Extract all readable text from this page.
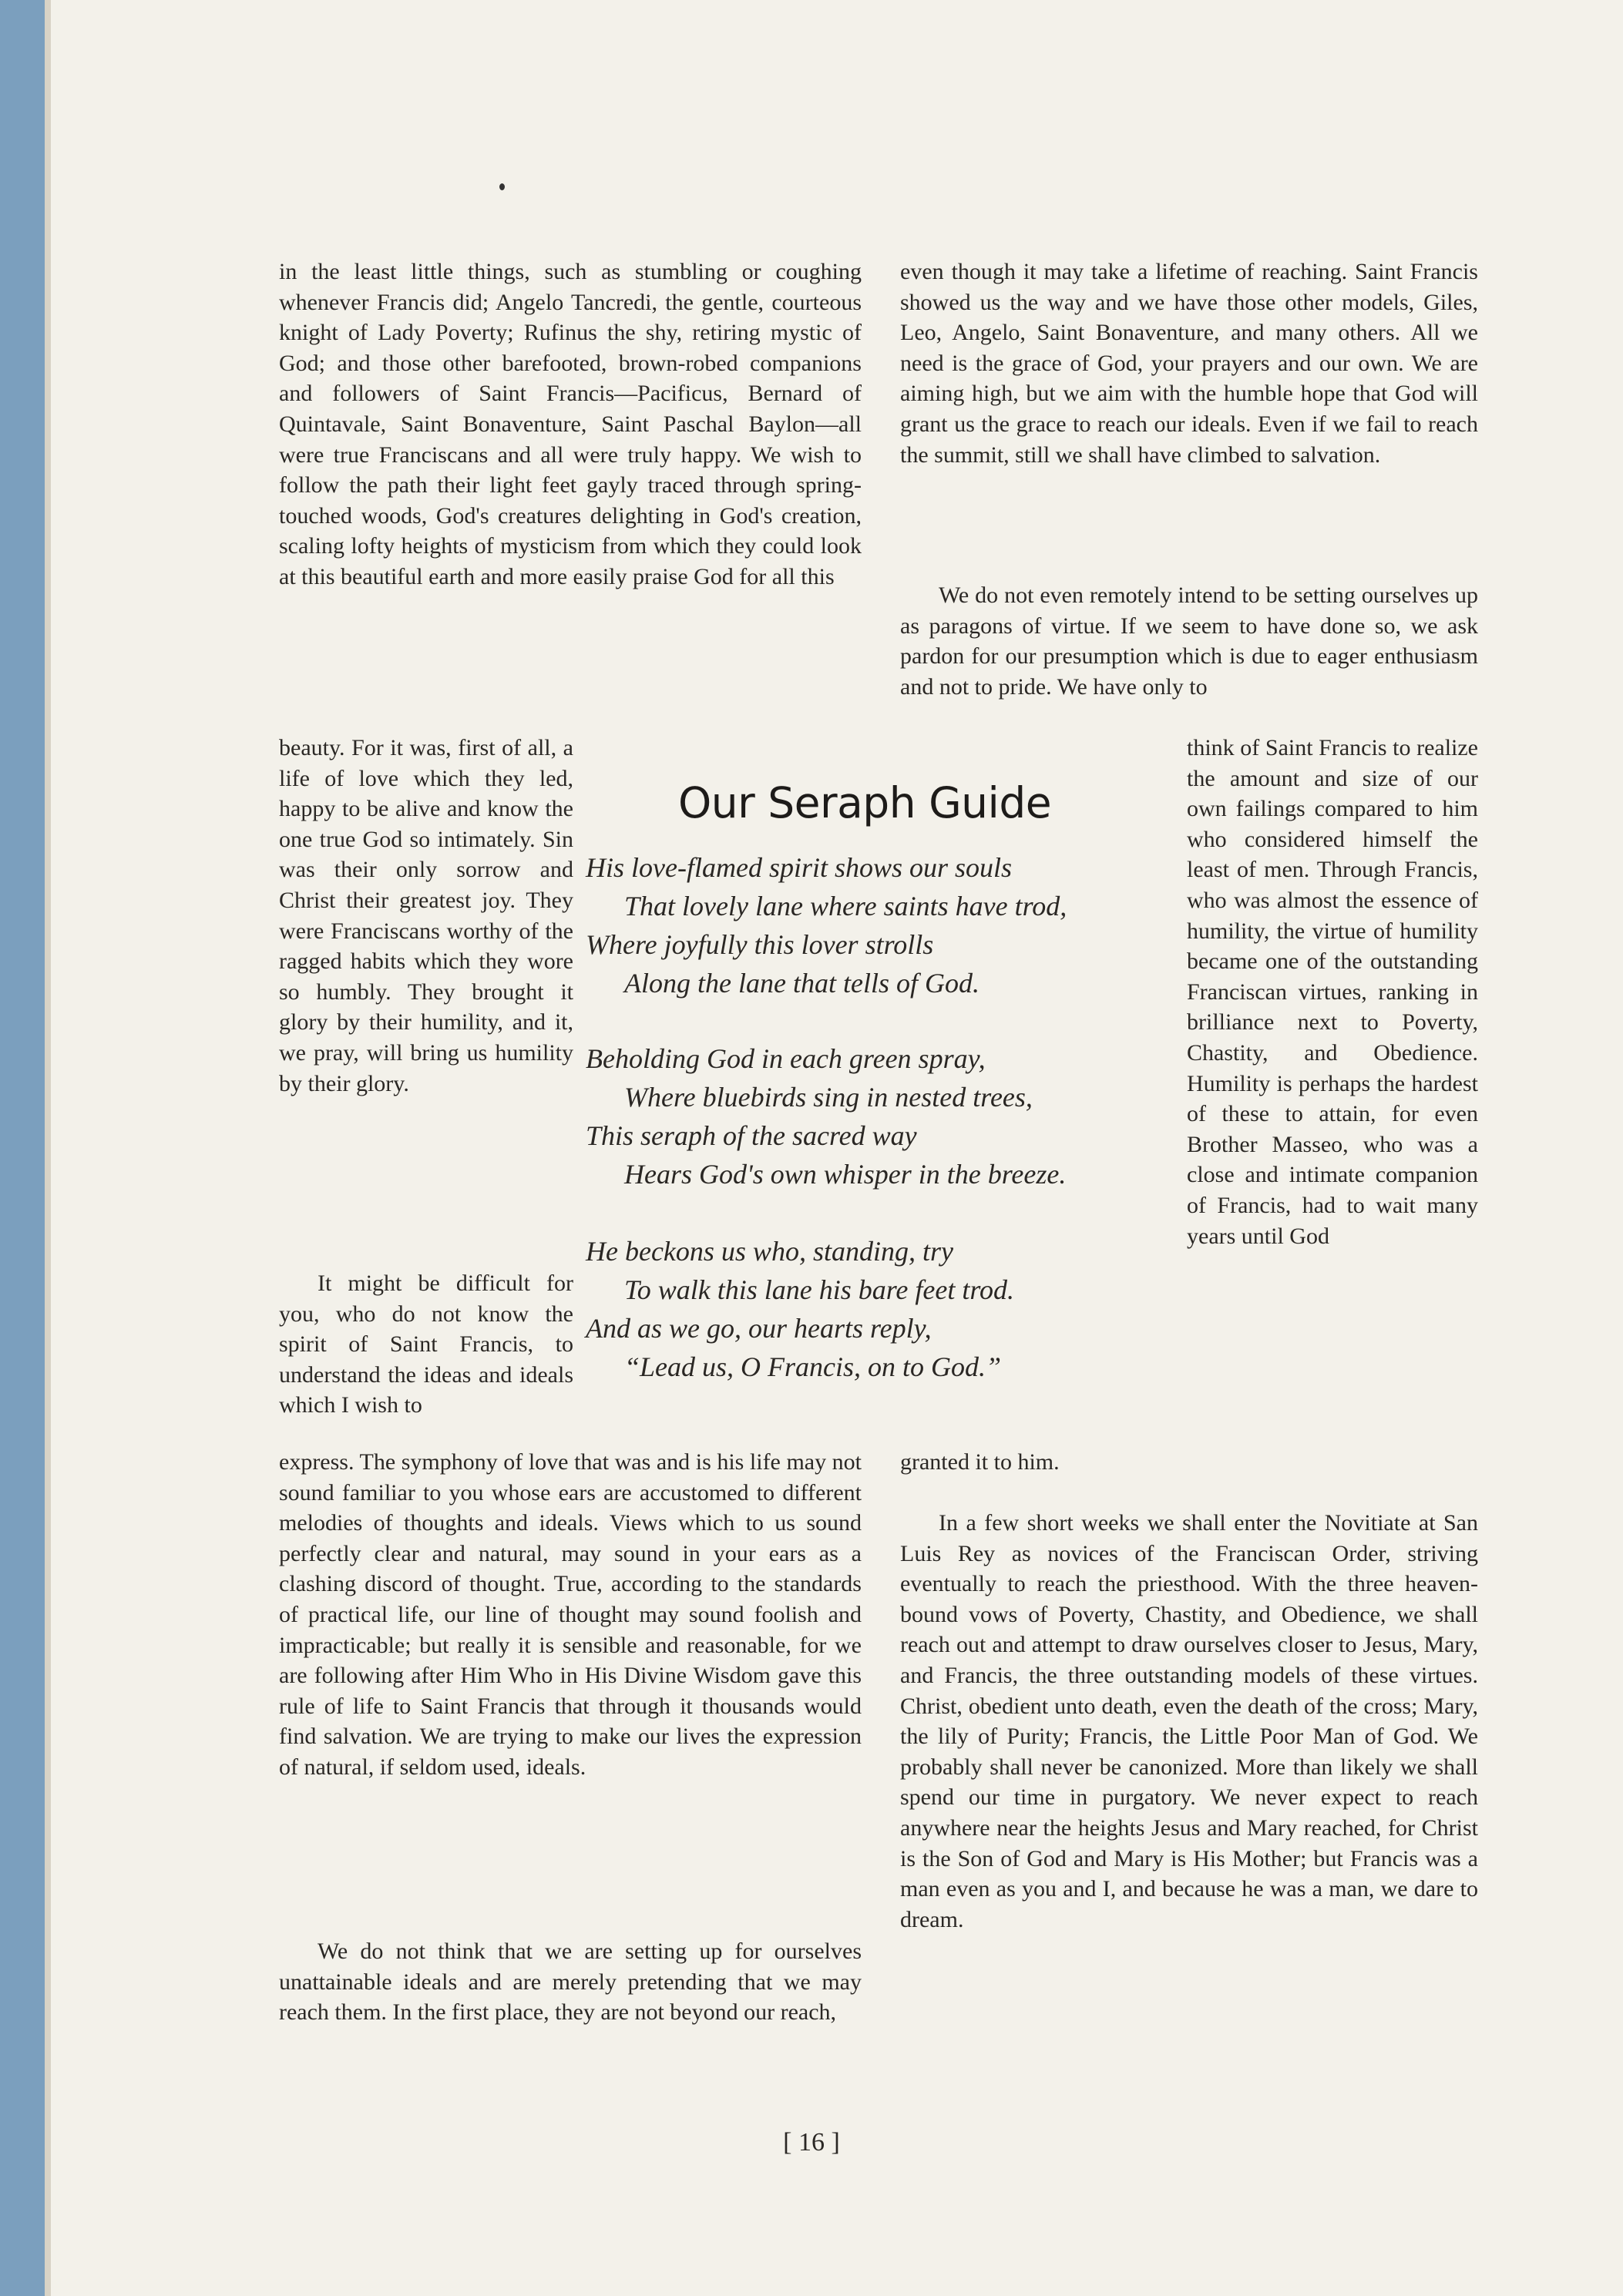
in the least little things, such as stumbling or coughing whenever Francis did; Angelo Tancredi, the gentle, courteous knight of Lady Poverty; Rufinus the shy, retiring mystic of God; and those other barefooted, brown-robed companions and followers of Saint Francis—Pacificus, Bernard of Quintavale, Saint Bonaventure, Saint Paschal Baylon—all were true Franciscans and all were truly happy. We wish to follow the path their light feet gayly traced through spring-touched woods, God's creatures delighting in God's creation, scaling lofty heights of mysticism from which they could look at this beautiful earth and more easily praise God for all this

beauty. For it was, first of all, a life of love which they led, happy to be alive and know the one true God so intimately. Sin was their only sorrow and Christ their greatest joy. They were Franciscans worthy of the ragged habits which they wore so humbly. They brought it glory by their humility, and it, we pray, will bring us humility by their glory.

It might be difficult for you, who do not know the spirit of Saint Francis, to understand the ideas and ideals which I wish to

express. The symphony of love that was and is his life may not sound familiar to you whose ears are accustomed to different melodies of thoughts and ideals. Views which to us sound perfectly clear and natural, may sound in your ears as a clashing discord of thought. True, according to the standards of practical life, our line of thought may sound foolish and impracticable; but really it is sensible and reasonable, for we are following after Him Who in His Divine Wisdom gave this rule of life to Saint Francis that through it thousands would find salvation. We are trying to make our lives the expression of natural, if seldom used, ideals.

We do not think that we are setting up for ourselves unattainable ideals and are merely pretending that we may reach them. In the first place, they are not beyond our reach,

even though it may take a lifetime of reaching. Saint Francis showed us the way and we have those other models, Giles, Leo, Angelo, Saint Bonaventure, and many others. All we need is the grace of God, your prayers and our own. We are aiming high, but we aim with the humble hope that God will grant us the grace to reach our ideals. Even if we fail to reach the summit, still we shall have climbed to salvation.

We do not even remotely intend to be setting ourselves up as paragons of virtue. If we seem to have done so, we ask pardon for our presumption which is due to eager enthusiasm and not to pride. We have only to

think of Saint Francis to realize the amount and size of our own failings compared to him who considered himself the least of men. Through Francis, who was almost the essence of humility, the virtue of humility became one of the outstanding Franciscan virtues, ranking in brilliance next to Poverty, Chastity, and Obedience. Humility is perhaps the hardest of these to attain, for even Brother Masseo, who was a close and intimate companion of Francis, had to wait many years until God

granted it to him.

In a few short weeks we shall enter the Novitiate at San Luis Rey as novices of the Franciscan Order, striving eventually to reach the priesthood. With the three heaven-bound vows of Poverty, Chastity, and Obedience, we shall reach out and attempt to draw ourselves closer to Jesus, Mary, and Francis, the three outstanding models of these virtues. Christ, obedient unto death, even the death of the cross; Mary, the lily of Purity; Francis, the Little Poor Man of God. We probably shall never be canonized. More than likely we shall spend our time in purgatory. We never expect to reach anywhere near the heights Jesus and Mary reached, for Christ is the Son of God and Mary is His Mother; but Francis was a man even as you and I, and because he was a man, we dare to dream.

Our Seraph Guide
His love-flamed spirit shows our souls
That lovely lane where saints have trod,
Where joyfully this lover strolls
Along the lane that tells of God.
Beholding God in each green spray,
Where bluebirds sing in nested trees,
This seraph of the sacred way
Hears God's own whisper in the breeze.
He beckons us who, standing, try
To walk this lane his bare feet trod.
And as we go, our hearts reply,
“Lead us, O Francis, on to God.”
[ 16 ]
